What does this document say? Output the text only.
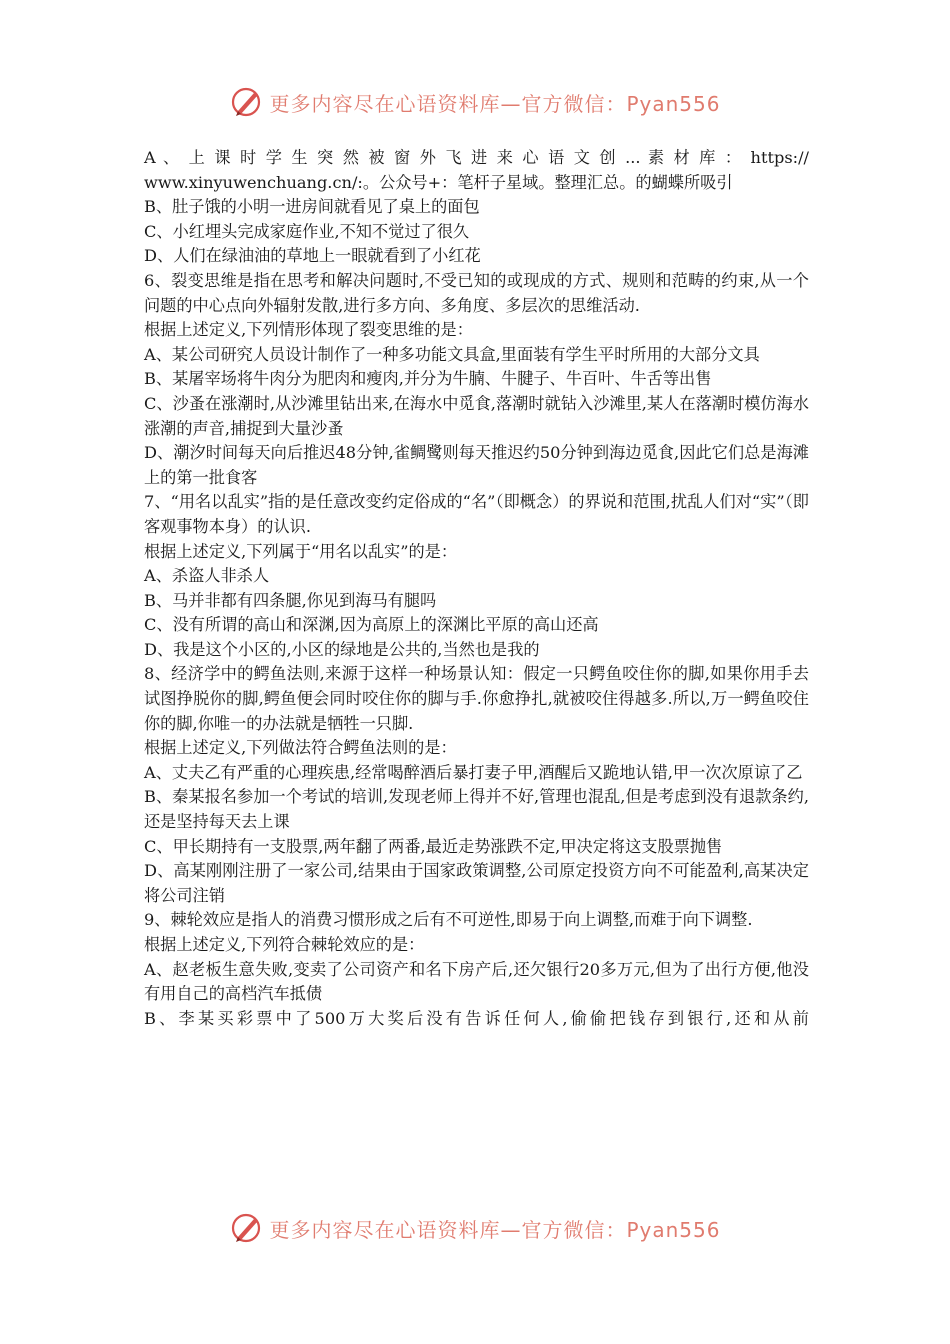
更多内容尽在心语资料库—官方微信：Pyan556

A 、 上 课 时 学 生 突 然 被 窗 外 飞 进 来 心 语 文 创 ... 素 材 库 ： https://

www.xinyuwenchuang.cn/:。公众号+：笔杆子星域。整理汇总。的蝴蝶所吸引

B、肚子饿的小明一进房间就看见了桌上的面包

C、小红埋头完成家庭作业,不知不觉过了很久

D、人们在绿油油的草地上一眼就看到了小红花

6、裂变思维是指在思考和解决问题时,不受已知的或现成的方式、规则和范畴的约束,从一个问题的中心点向外辐射发散,进行多方向、多角度、多层次的思维活动.

根据上述定义,下列情形体现了裂变思维的是：

A、某公司研究人员设计制作了一种多功能文具盒,里面装有学生平时所用的大部分文具

B、某屠宰场将牛肉分为肥肉和瘦肉,并分为牛腩、牛腱子、牛百叶、牛舌等出售

C、沙蚤在涨潮时,从沙滩里钻出来,在海水中觅食,落潮时就钻入沙滩里,某人在落潮时模仿海水涨潮的声音,捕捉到大量沙蚤

D、潮汐时间每天向后推迟48分钟,雀鲷鹭则每天推迟约50分钟到海边觅食,因此它们总是海滩上的第一批食客

7、“用名以乱实”指的是任意改变约定俗成的“名”（即概念）的界说和范围,扰乱人们对“实”（即客观事物本身）的认识.

根据上述定义,下列属于“用名以乱实”的是：

A、杀盗人非杀人

B、马并非都有四条腿,你见到海马有腿吗

C、没有所谓的高山和深渊,因为高原上的深渊比平原的高山还高

D、我是这个小区的,小区的绿地是公共的,当然也是我的

8、经济学中的鳄鱼法则,来源于这样一种场景认知：假定一只鳄鱼咬住你的脚,如果你用手去试图挣脱你的脚,鳄鱼便会同时咬住你的脚与手.你愈挣扎,就被咬住得越多.所以,万一鳄鱼咬住你的脚,你唯一的办法就是牺牲一只脚.

根据上述定义,下列做法符合鳄鱼法则的是：

A、丈夫乙有严重的心理疾患,经常喝醉酒后暴打妻子甲,酒醒后又跪地认错,甲一次次原谅了乙

B、秦某报名参加一个考试的培训,发现老师上得并不好,管理也混乱,但是考虑到没有退款条约,还是坚持每天去上课

C、甲长期持有一支股票,两年翻了两番,最近走势涨跌不定,甲决定将这支股票抛售

D、高某刚刚注册了一家公司,结果由于国家政策调整,公司原定投资方向不可能盈利,高某决定将公司注销

9、棘轮效应是指人的消费习惯形成之后有不可逆性,即易于向上调整,而难于向下调整.

根据上述定义,下列符合棘轮效应的是：

A、赵老板生意失败,变卖了公司资产和名下房产后,还欠银行20多万元,但为了出行方便,他没有用自己的高档汽车抵债

B、李某买彩票中了500万大奖后没有告诉任何人,偷偷把钱存到银行,还和从前

更多内容尽在心语资料库—官方微信：Pyan556
